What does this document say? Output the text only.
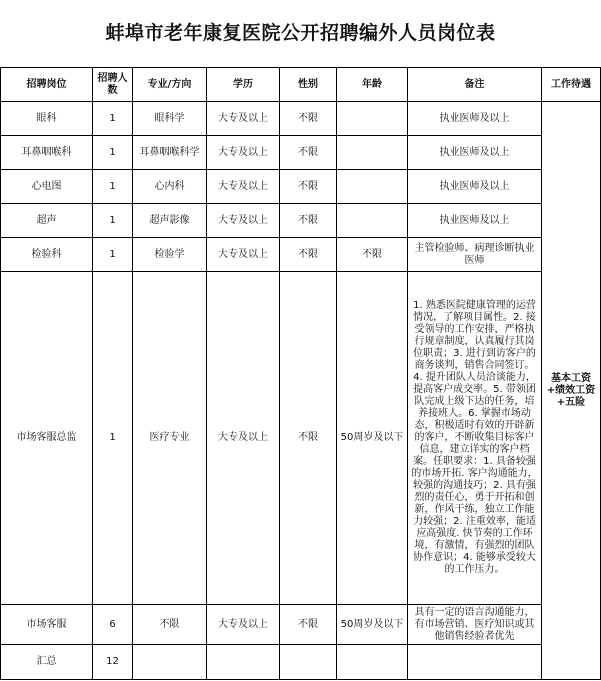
蚌埠市老年康复医院公开招聘编外人员岗位表
招聘岗位	招聘人数	专业/方向	学历	性别	年龄	备注	工作待遇
眼科	1	眼科学	大专及以上	不限		执业医师及以上	基本工资+绩效工资+五险
耳鼻咽喉科	1	耳鼻咽喉科学	大专及以上	不限		执业医师及以上	
心电图	1	心内科	大专及以上	不限		执业医师及以上	
超声	1	超声影像	大专及以上	不限		执业医师及以上	
检验科	1	检验学	大专及以上	不限	不限	主管检验师、病理诊断执业医师	
市场客服总监	1	医疗专业	大专及以上	不限	50周岁及以下	1. 熟悉医院健康管理的运营情况，了解项目属性。2. 接受领导的工作安排，严格执行规章制度，认真履行其岗位职责；3. 进行到访客户的商务谈判，销售合同签订。4. 提升团队人员洽谈能力，提高客户成交率。5. 带领团队完成上级下达的任务，培养接班人。6. 掌握市场动态，积极适时有效的开辟新的客户，不断收集目标客户信息，建立详实的客户档案。任职要求：1. 具备较强的市场开拓. 客户沟通能力，较强的沟通技巧；2. 具有强烈的责任心，勇于开拓和创新，作风干练，独立工作能力较强；2. 注重效率，能适应高强度. 快节奏的工作环境，有激情，有强烈的团队协作意识；4. 能够承受较大的工作压力。	
市场客服	6	不限	大专及以上	不限	50周岁及以下	具有一定的语言沟通能力，有市场营销、医疗知识或其他销售经验者优先	
汇总	12						
